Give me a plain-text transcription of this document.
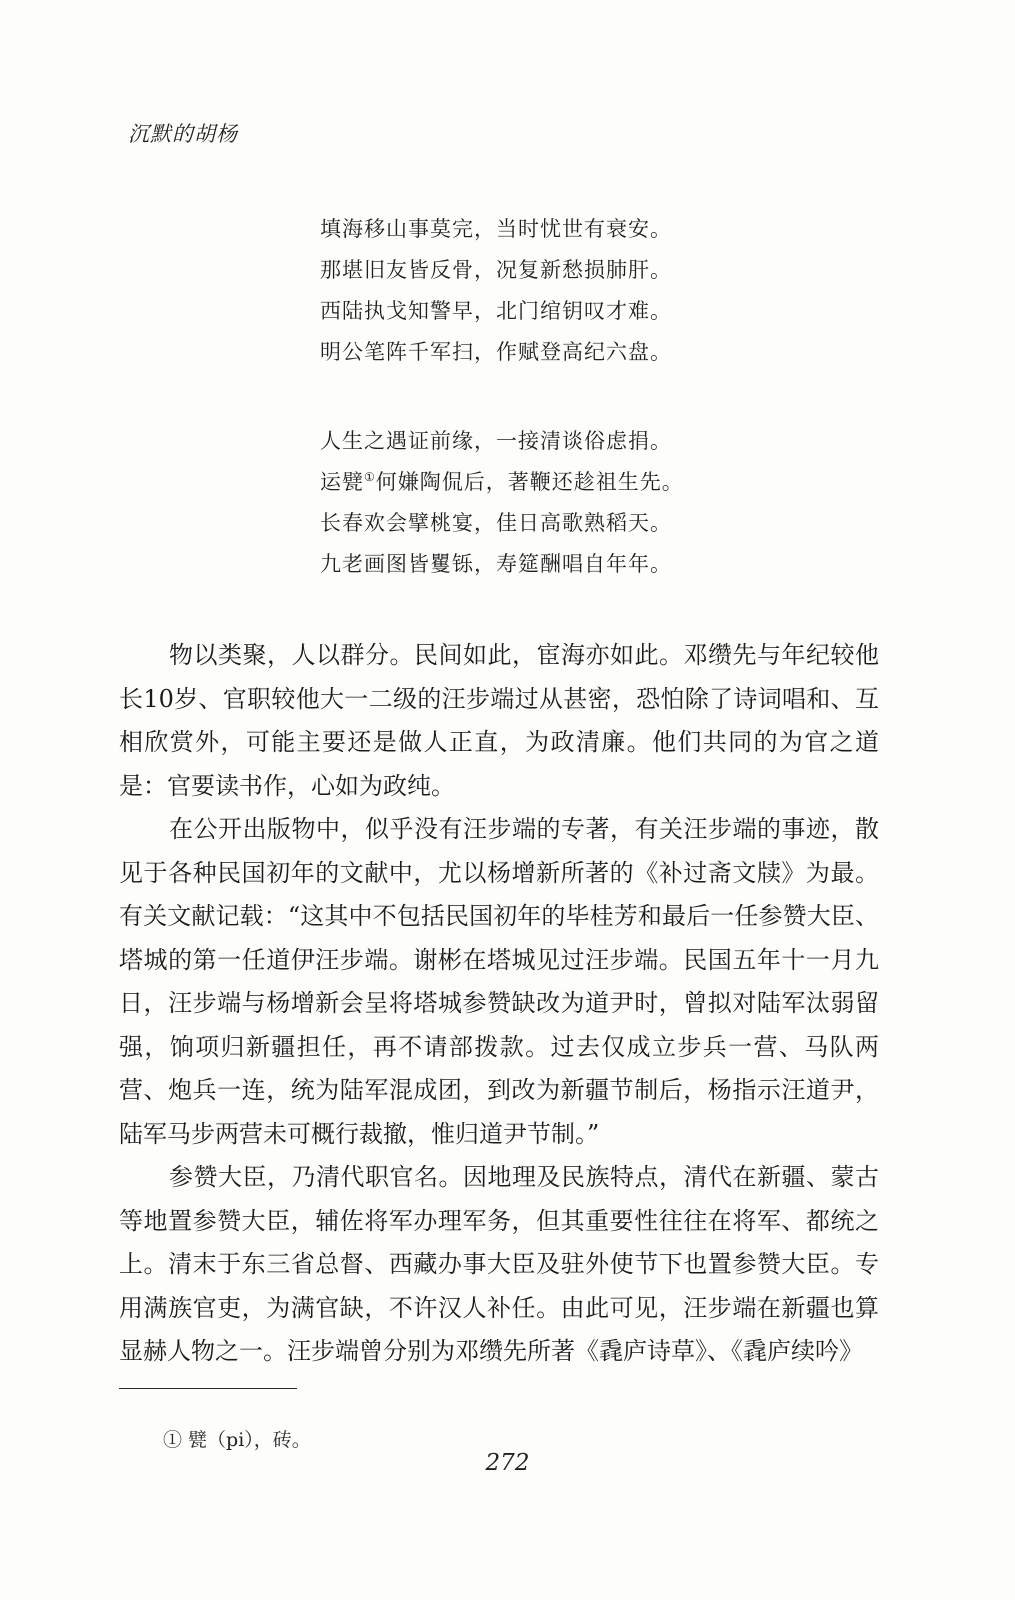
沉默的胡杨
填海移山事莫完，当时忧世有衰安。
那堪旧友皆反骨，况复新愁损肺肝。
西陆执戈知警早，北门绾钥叹才难。
明公笔阵千军扫，作赋登高纪六盘。
人生之遇证前缘，一接清谈俗虑捐。
运甓①何嫌陶侃后，著鞭还趁祖生先。
长春欢会擘桃宴，佳日高歌熟稻天。
九老画图皆矍铄，寿筵酬唱自年年。

物以类聚，人以群分。民间如此，宦海亦如此。邓缵先与年纪较他长10岁、官职较他大一二级的汪步端过从甚密，恐怕除了诗词唱和、互相欣赏外，可能主要还是做人正直，为政清廉。他们共同的为官之道是：官要读书作，心如为政纯。

在公开出版物中，似乎没有汪步端的专著，有关汪步端的事迹，散见于各种民国初年的文献中，尤以杨增新所著的《补过斋文牍》为最。有关文献记载：“这其中不包括民国初年的毕桂芳和最后一任参赞大臣、塔城的第一任道伊汪步端。谢彬在塔城见过汪步端。民国五年十一月九日，汪步端与杨增新会呈将塔城参赞缺改为道尹时，曾拟对陆军汰弱留强，饷项归新疆担任，再不请部拨款。过去仅成立步兵一营、马队两营、炮兵一连，统为陆军混成团，到改为新疆节制后，杨指示汪道尹，陆军马步两营未可概行裁撤，惟归道尹节制。”

参赞大臣，乃清代职官名。因地理及民族特点，清代在新疆、蒙古等地置参赞大臣，辅佐将军办理军务，但其重要性往往在将军、都统之上。清末于东三省总督、西藏办事大臣及驻外使节下也置参赞大臣。专用满族官吏，为满官缺，不许汉人补任。由此可见，汪步端在新疆也算显赫人物之一。汪步端曾分别为邓缵先所著《毳庐诗草》、《毳庐续吟》

① 甓（pi），砖。
272
